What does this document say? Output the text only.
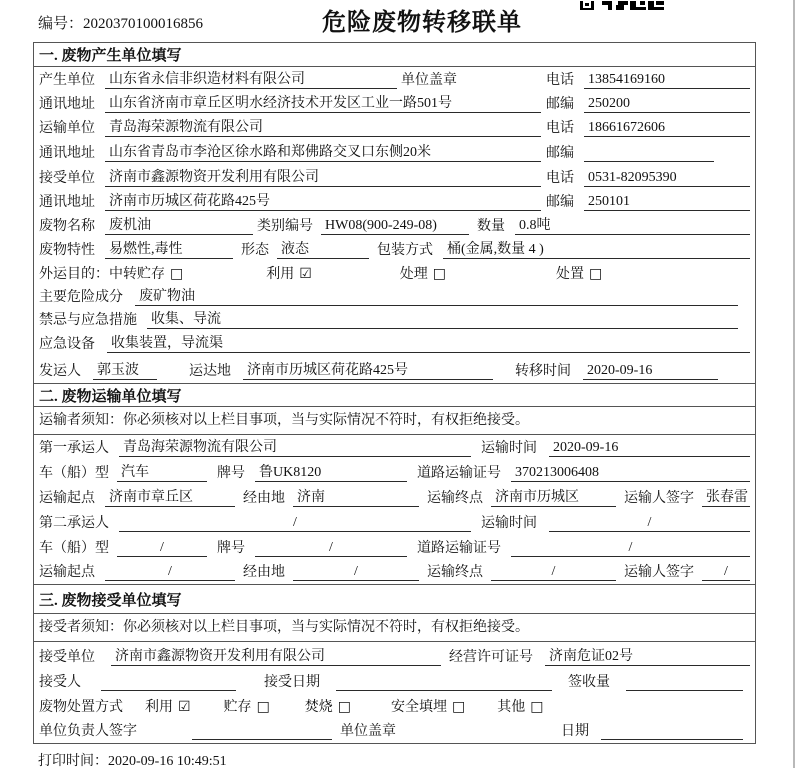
编号：2020370100016856	危险废物转移联单
一. 废物产生单位填写
产生单位 山东省永信非织造材料有限公司	单位盖章	电话 13854169160
通讯地址 山东省济南市章丘区明水经济技术开发区工业一路501号	邮编 250200
运输单位 青岛海荣源物流有限公司	电话 18661672606
通讯地址 山东省青岛市李沧区徐水路和郑佛路交叉口东侧20米	邮编
接受单位 济南市鑫源物资开发利用有限公司	电话 0531-82095390
通讯地址 济南市历城区荷花路425号	邮编 250101
废物名称 废机油	类别编号 HW08(900-249-08)	数量 0.8吨
废物特性 易燃性,毒性	形态 液态	包装方式 桶(金属,数量 4 )
外运目的： 中转贮存 □	利用 ☑	处理 □	处置 □
主要危险成分 废矿物油
禁忌与应急措施 收集、导流
应急设备 收集装置，导流渠
发运人 郭玉波	运达地 济南市历城区荷花路425号	转移时间 2020-09-16
二. 废物运输单位填写
运输者须知：你必须核对以上栏目事项，当与实际情况不符时，有权拒绝接受。
第一承运人 青岛海荣源物流有限公司	运输时间 2020-09-16
车（船）型 汽车	牌号 鲁UK8120	道路运输证号 370213006408
运输起点 济南市章丘区	经由地 济南	运输终点 济南市历城区	运输人签字 张春雷
第二承运人	/	运输时间	/
车（船）型	/	牌号	/	道路运输证号	/
运输起点	/	经由地	/	运输终点	/	运输人签字	/
三. 废物接受单位填写
接受者须知：你必须核对以上栏目事项，当与实际情况不符时，有权拒绝接受。
接受单位 济南市鑫源物资开发利用有限公司	经营许可证号 济南危证02号
接受人	接受日期	签收量
废物处置方式 利用 ☑ 贮存 □	焚烧 □	安全填埋 □ 其他 □
单位负责人签字	单位盖章	日期
打印时间：2020-09-16 10:49:51
